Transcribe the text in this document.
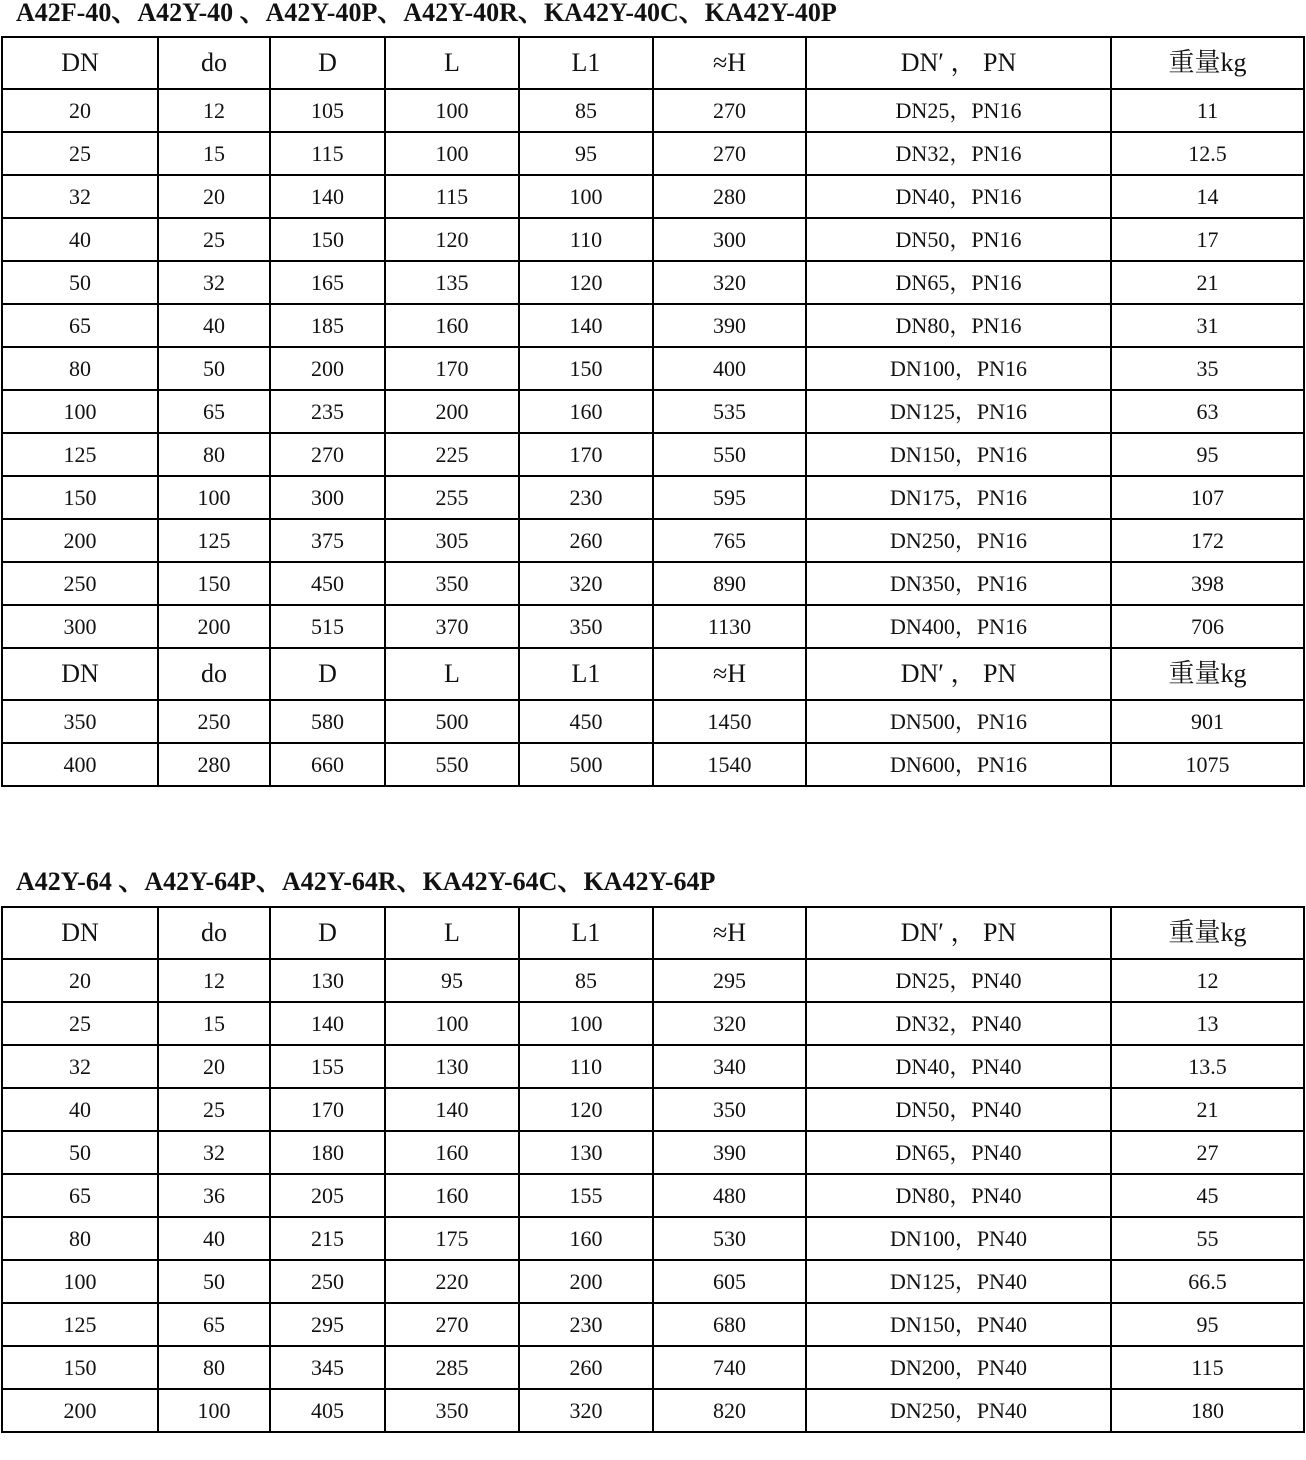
A42F-40、A42Y-40 、A42Y-40P、A42Y-40R、KA42Y-40C、KA42Y-40P
DN	do	D	L	L1	≈H	DN′ ， PN	重量kg
20	12	105	100	85	270	DN25，PN16	11
25	15	115	100	95	270	DN32，PN16	12.5
32	20	140	115	100	280	DN40，PN16	14
40	25	150	120	110	300	DN50，PN16	17
50	32	165	135	120	320	DN65，PN16	21
65	40	185	160	140	390	DN80，PN16	31
80	50	200	170	150	400	DN100，PN16	35
100	65	235	200	160	535	DN125，PN16	63
125	80	270	225	170	550	DN150，PN16	95
150	100	300	255	230	595	DN175，PN16	107
200	125	375	305	260	765	DN250，PN16	172
250	150	450	350	320	890	DN350，PN16	398
300	200	515	370	350	1130	DN400，PN16	706
DN	do	D	L	L1	≈H	DN′ ， PN	重量kg
350	250	580	500	450	1450	DN500，PN16	901
400	280	660	550	500	1540	DN600，PN16	1075
A42Y-64 、A42Y-64P、A42Y-64R、KA42Y-64C、KA42Y-64P
DN	do	D	L	L1	≈H	DN′ ， PN	重量kg
20	12	130	95	85	295	DN25，PN40	12
25	15	140	100	100	320	DN32，PN40	13
32	20	155	130	110	340	DN40，PN40	13.5
40	25	170	140	120	350	DN50，PN40	21
50	32	180	160	130	390	DN65，PN40	27
65	36	205	160	155	480	DN80，PN40	45
80	40	215	175	160	530	DN100，PN40	55
100	50	250	220	200	605	DN125，PN40	66.5
125	65	295	270	230	680	DN150，PN40	95
150	80	345	285	260	740	DN200，PN40	115
200	100	405	350	320	820	DN250，PN40	180
